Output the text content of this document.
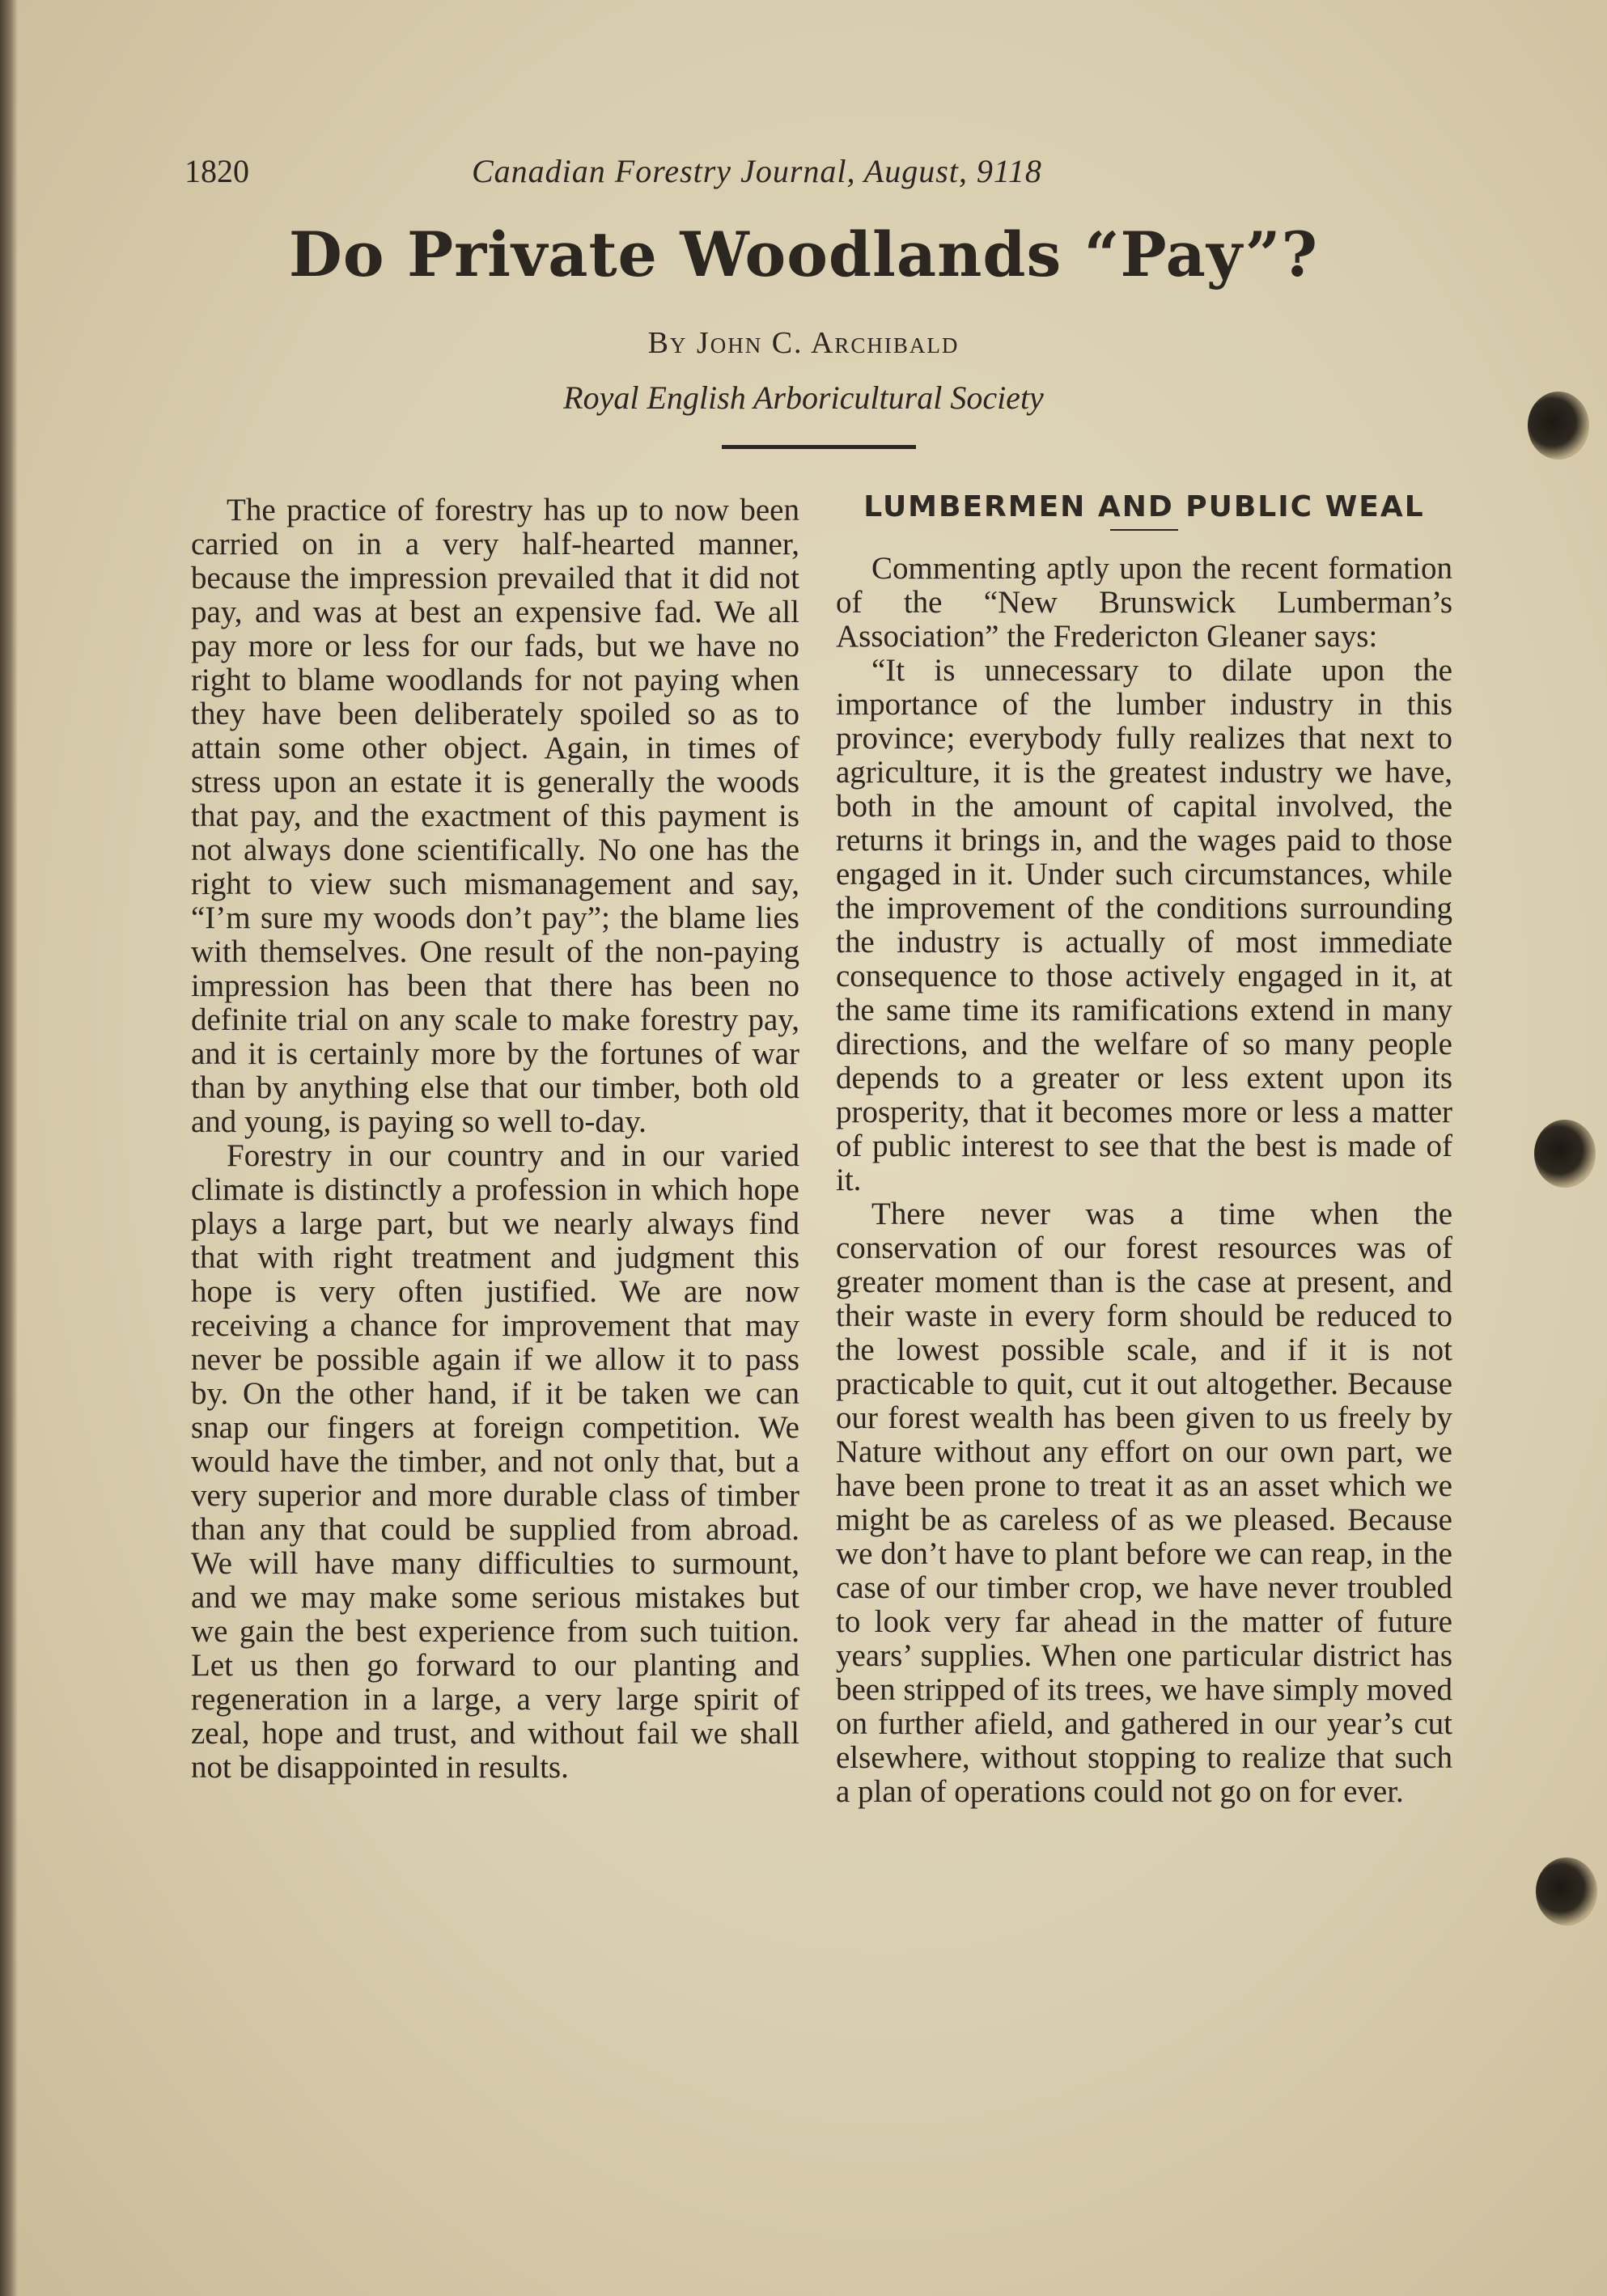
1820	Canadian Forestry Journal, August, 9118
Do Private Woodlands “Pay”?
By John C. Archibald
Royal English Arboricultural Society

The practice of forestry has up to now been carried on in a very half-hearted manner, because the impression prevailed that it did not pay, and was at best an expensive fad. We all pay more or less for our fads, but we have no right to blame woodlands for not paying when they have been deliberately spoiled so as to attain some other object. Again, in times of stress upon an estate it is generally the woods that pay, and the exactment of this payment is not always done scientifically. No one has the right to view such mismanagement and say, “I’m sure my woods don’t pay”; the blame lies with themselves. One result of the non-paying impression has been that there has been no definite trial on any scale to make forestry pay, and it is certainly more by the fortunes of war than by anything else that our timber, both old and young, is paying so well to-day.

Forestry in our country and in our varied climate is distinctly a profession in which hope plays a large part, but we nearly always find that with right treatment and judgment this hope is very often justified. We are now receiving a chance for improvement that may never be possible again if we allow it to pass by. On the other hand, if it be taken we can snap our fingers at foreign competition. We would have the timber, and not only that, but a very superior and more durable class of timber than any that could be supplied from abroad. We will have many difficulties to surmount, and we may make some serious mistakes but we gain the best experience from such tuition. Let us then go forward to our planting and regeneration in a large, a very large spirit of zeal, hope and trust, and without fail we shall not be disappointed in results.

LUMBERMEN AND PUBLIC WEAL

Commenting aptly upon the recent formation of the “New Brunswick Lumberman’s Association” the Fredericton Gleaner says:

“It is unnecessary to dilate upon the importance of the lumber industry in this province; everybody fully realizes that next to agriculture, it is the greatest industry we have, both in the amount of capital involved, the returns it brings in, and the wages paid to those engaged in it. Under such circumstances, while the improvement of the conditions surrounding the industry is actually of most immediate consequence to those actively engaged in it, at the same time its ramifications extend in many directions, and the welfare of so many people depends to a greater or less extent upon its prosperity, that it becomes more or less a matter of public interest to see that the best is made of it.

There never was a time when the conservation of our forest resources was of greater moment than is the case at present, and their waste in every form should be reduced to the lowest possible scale, and if it is not practicable to quit, cut it out altogether. Because our forest wealth has been given to us freely by Nature without any effort on our own part, we have been prone to treat it as an asset which we might be as careless of as we pleased. Because we don’t have to plant before we can reap, in the case of our timber crop, we have never troubled to look very far ahead in the matter of future years’ supplies. When one particular district has been stripped of its trees, we have simply moved on further afield, and gathered in our year’s cut elsewhere, without stopping to realize that such a plan of operations could not go on for ever.
